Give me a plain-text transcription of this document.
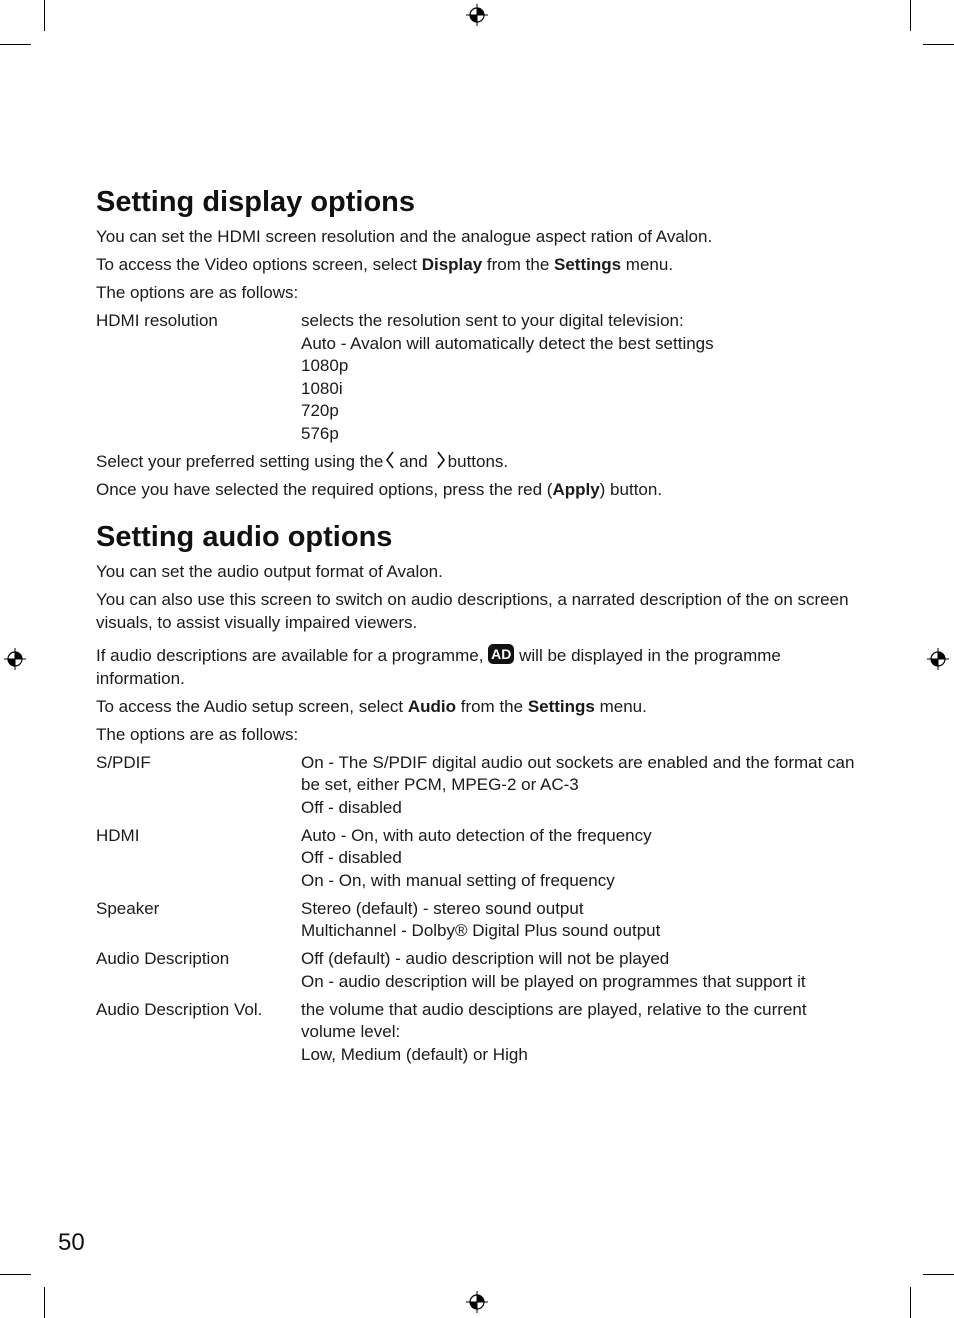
Setting display options

You can set the HDMI screen resolution and the analogue aspect ration of Avalon.

To access the Video options screen, select Display from the Settings menu.

The options are as follows:

HDMI resolution	selects the resolution sent to your digital television:
Auto - Avalon will automatically detect the best settings
1080p
1080i
720p
576p

Select your preferred setting using the and buttons.

Once you have selected the required options, press the red (Apply) button.

Setting audio options

You can set the audio output format of Avalon.

You can also use this screen to switch on audio descriptions, a narrated description of the on screen visuals, to assist visually impaired viewers.

If audio descriptions are available for a programme, AD will be displayed in the programme information.

To access the Audio setup screen, select Audio from the Settings menu.

The options are as follows:

S/PDIF	On - The S/PDIF digital audio out sockets are enabled and the format can be set, either PCM, MPEG-2 or AC-3
Off - disabled
HDMI	Auto - On, with auto detection of the frequency
Off - disabled
On - On, with manual setting of frequency
Speaker	Stereo (default) - stereo sound output
Multichannel - Dolby® Digital Plus sound output
Audio Description	Off (default) - audio description will not be played
On - audio description will be played on programmes that support it
Audio Description Vol.	the volume that audio desciptions are played, relative to the current volume level:
Low, Medium (default) or High
50
